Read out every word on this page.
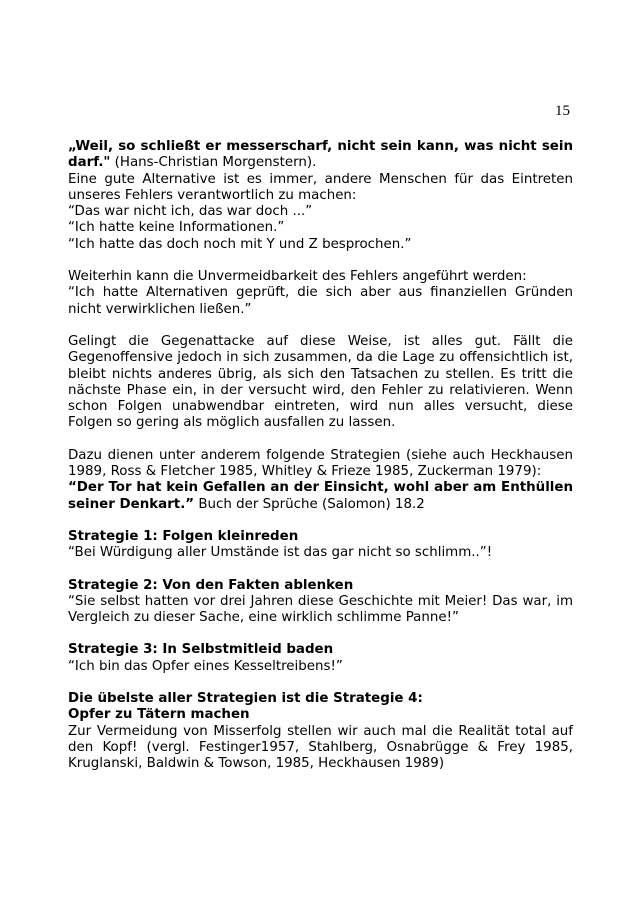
15
„Weil, so schließt er messerscharf, nicht sein kann, was nicht sein
darf." (Hans-Christian Morgenstern).
Eine gute Alternative ist es immer, andere Menschen für das Eintreten
unseres Fehlers verantwortlich zu machen:
“Das war nicht ich, das war doch ...”
“Ich hatte keine Informationen.”
“Ich hatte das doch noch mit Y und Z besprochen.”
Weiterhin kann die Unvermeidbarkeit des Fehlers angeführt werden:
“Ich hatte Alternativen geprüft, die sich aber aus finanziellen Gründen
nicht verwirklichen ließen.”
Gelingt die Gegenattacke auf diese Weise, ist alles gut. Fällt die
Gegenoffensive jedoch in sich zusammen, da die Lage zu offensichtlich ist,
bleibt nichts anderes übrig, als sich den Tatsachen zu stellen. Es tritt die
nächste Phase ein, in der versucht wird, den Fehler zu relativieren. Wenn
schon Folgen unabwendbar eintreten, wird nun alles versucht, diese
Folgen so gering als möglich ausfallen zu lassen.
Dazu dienen unter anderem folgende Strategien (siehe auch Heckhausen
1989, Ross & Fletcher 1985, Whitley & Frieze 1985, Zuckerman 1979):
“Der Tor hat kein Gefallen an der Einsicht, wohl aber am Enthüllen
seiner Denkart.” Buch der Sprüche (Salomon) 18.2
Strategie 1: Folgen kleinreden
“Bei Würdigung aller Umstände ist das gar nicht so schlimm..”!
Strategie 2: Von den Fakten ablenken
“Sie selbst hatten vor drei Jahren diese Geschichte mit Meier! Das war, im
Vergleich zu dieser Sache, eine wirklich schlimme Panne!”
Strategie 3: In Selbstmitleid baden
“Ich bin das Opfer eines Kesseltreibens!”
Die übelste aller Strategien ist die Strategie 4:
Opfer zu Tätern machen
Zur Vermeidung von Misserfolg stellen wir auch mal die Realität total auf
den Kopf! (vergl. Festinger1957, Stahlberg, Osnabrügge & Frey 1985,
Kruglanski, Baldwin & Towson, 1985, Heckhausen 1989)
